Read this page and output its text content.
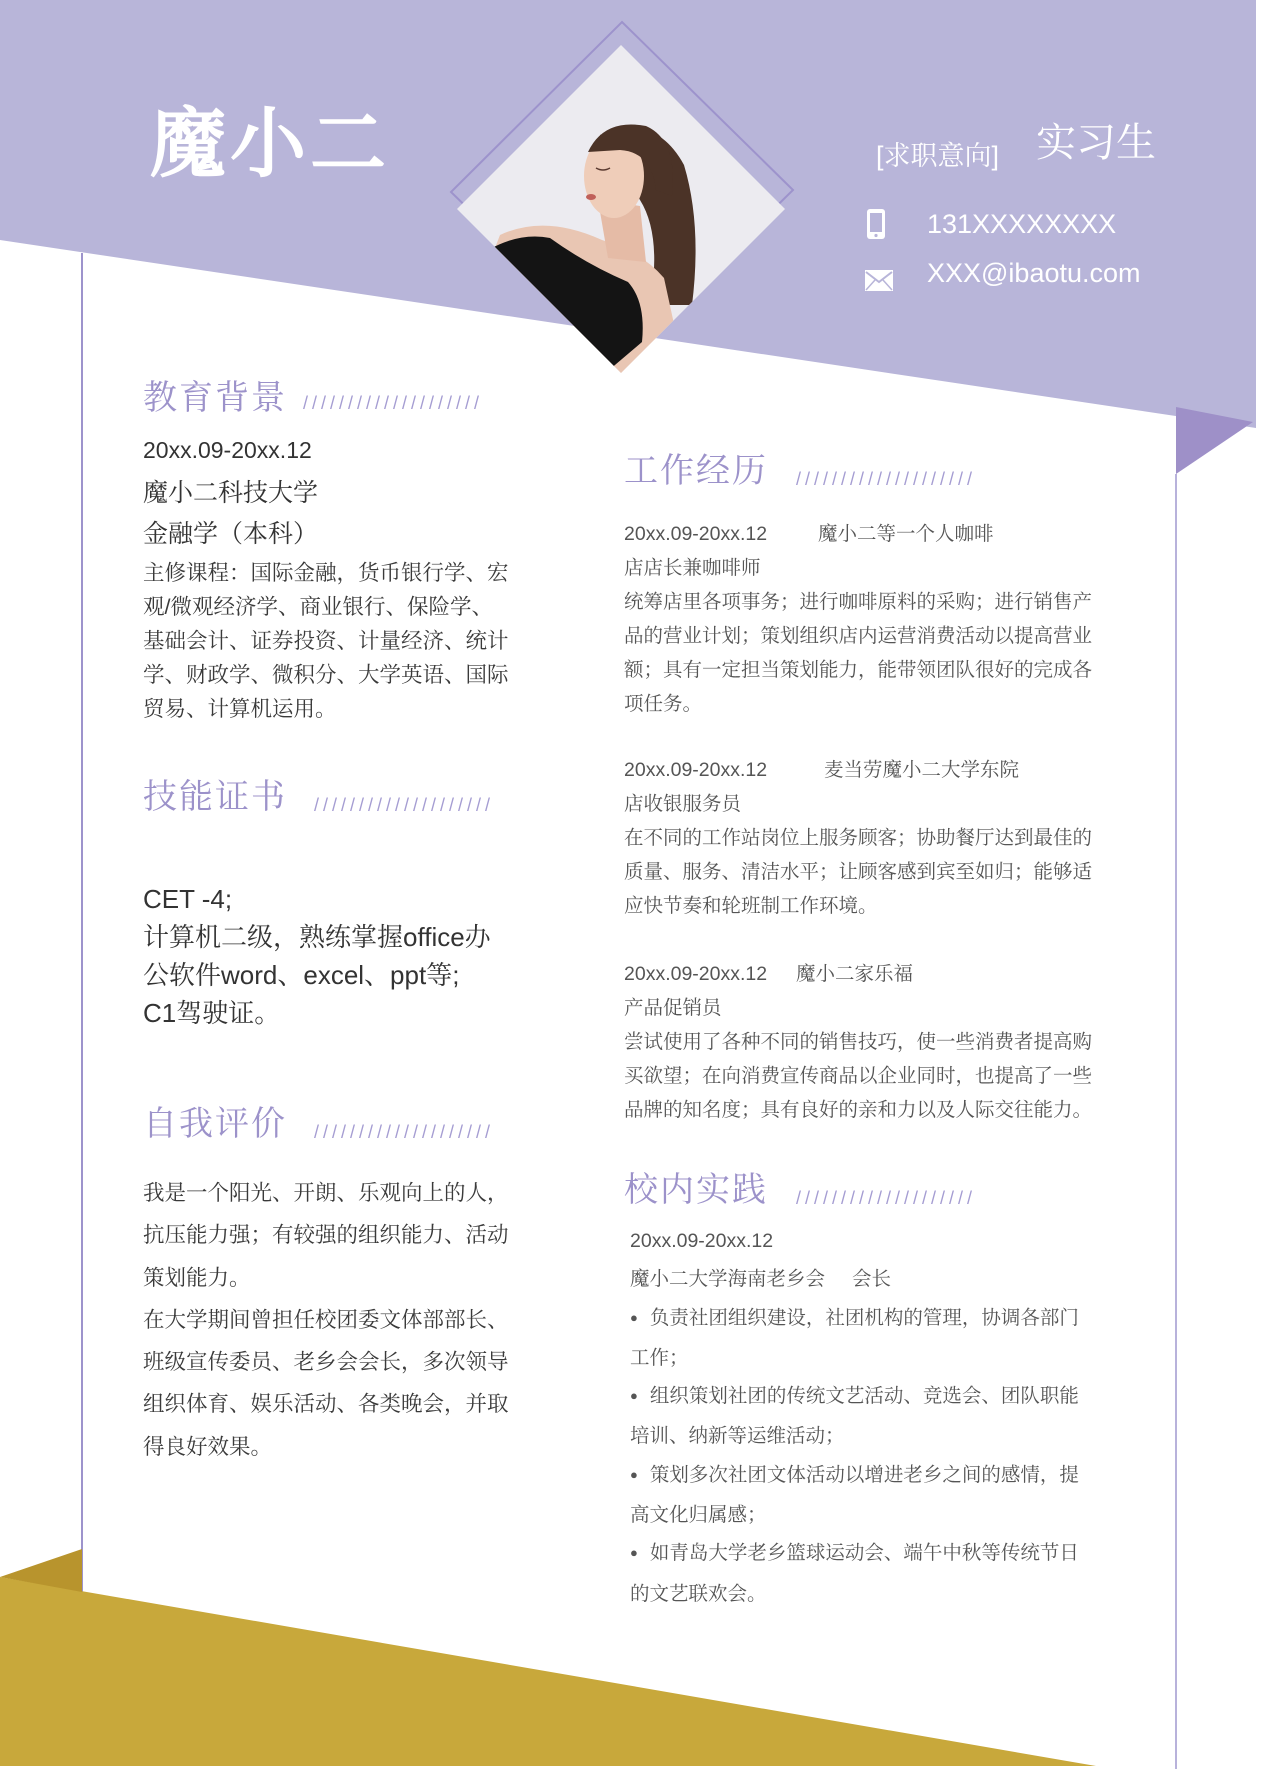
魔小二	[求职意向] 实习生
131XXXXXXXX
XXX@ibaotu.com
教育背景 ////////////////////
20xx.09-20xx.12
魔小二科技大学
金融学（本科）
主修课程：国际金融，货币银行学、宏
观/微观经济学、商业银行、保险学、
基础会计、证券投资、计量经济、统计
学、财政学、微积分、大学英语、国际
贸易、计算机运用。
技能证书 ////////////////////
CET -4;
计算机二级，熟练掌握office办
公软件word、excel、ppt等;
C1驾驶证。
自我评价 ////////////////////
我是一个阳光、开朗、乐观向上的人，
抗压能力强；有较强的组织能力、活动
策划能力。
在大学期间曾担任校团委文体部部长、
班级宣传委员、老乡会会长，多次领导
组织体育、娱乐活动、各类晚会，并取
得良好效果。
工作经历 ////////////////////
20xx.09-20xx.12	魔小二等一个人咖啡
店店长兼咖啡师
统筹店里各项事务；进行咖啡原料的采购；进行销售产
品的营业计划；策划组织店内运营消费活动以提高营业
额；具有一定担当策划能力，能带领团队很好的完成各
项任务。
20xx.09-20xx.12	麦当劳魔小二大学东院
店收银服务员
在不同的工作站岗位上服务顾客；协助餐厅达到最佳的
质量、服务、清洁水平；让顾客感到宾至如归；能够适
应快节奏和轮班制工作环境。
20xx.09-20xx.12 魔小二家乐福
产品促销员
尝试使用了各种不同的销售技巧，使一些消费者提高购
买欲望；在向消费宣传商品以企业同时，也提高了一些
品牌的知名度；具有良好的亲和力以及人际交往能力。
校内实践 ////////////////////
20xx.09-20xx.12
魔小二大学海南老乡会 会长
● 负责社团组织建设，社团机构的管理，协调各部门
工作；
● 组织策划社团的传统文艺活动、竞选会、团队职能
培训、纳新等运维活动；
● 策划多次社团文体活动以增进老乡之间的感情，提
高文化归属感；
● 如青岛大学老乡篮球运动会、端午中秋等传统节日
的文艺联欢会。
